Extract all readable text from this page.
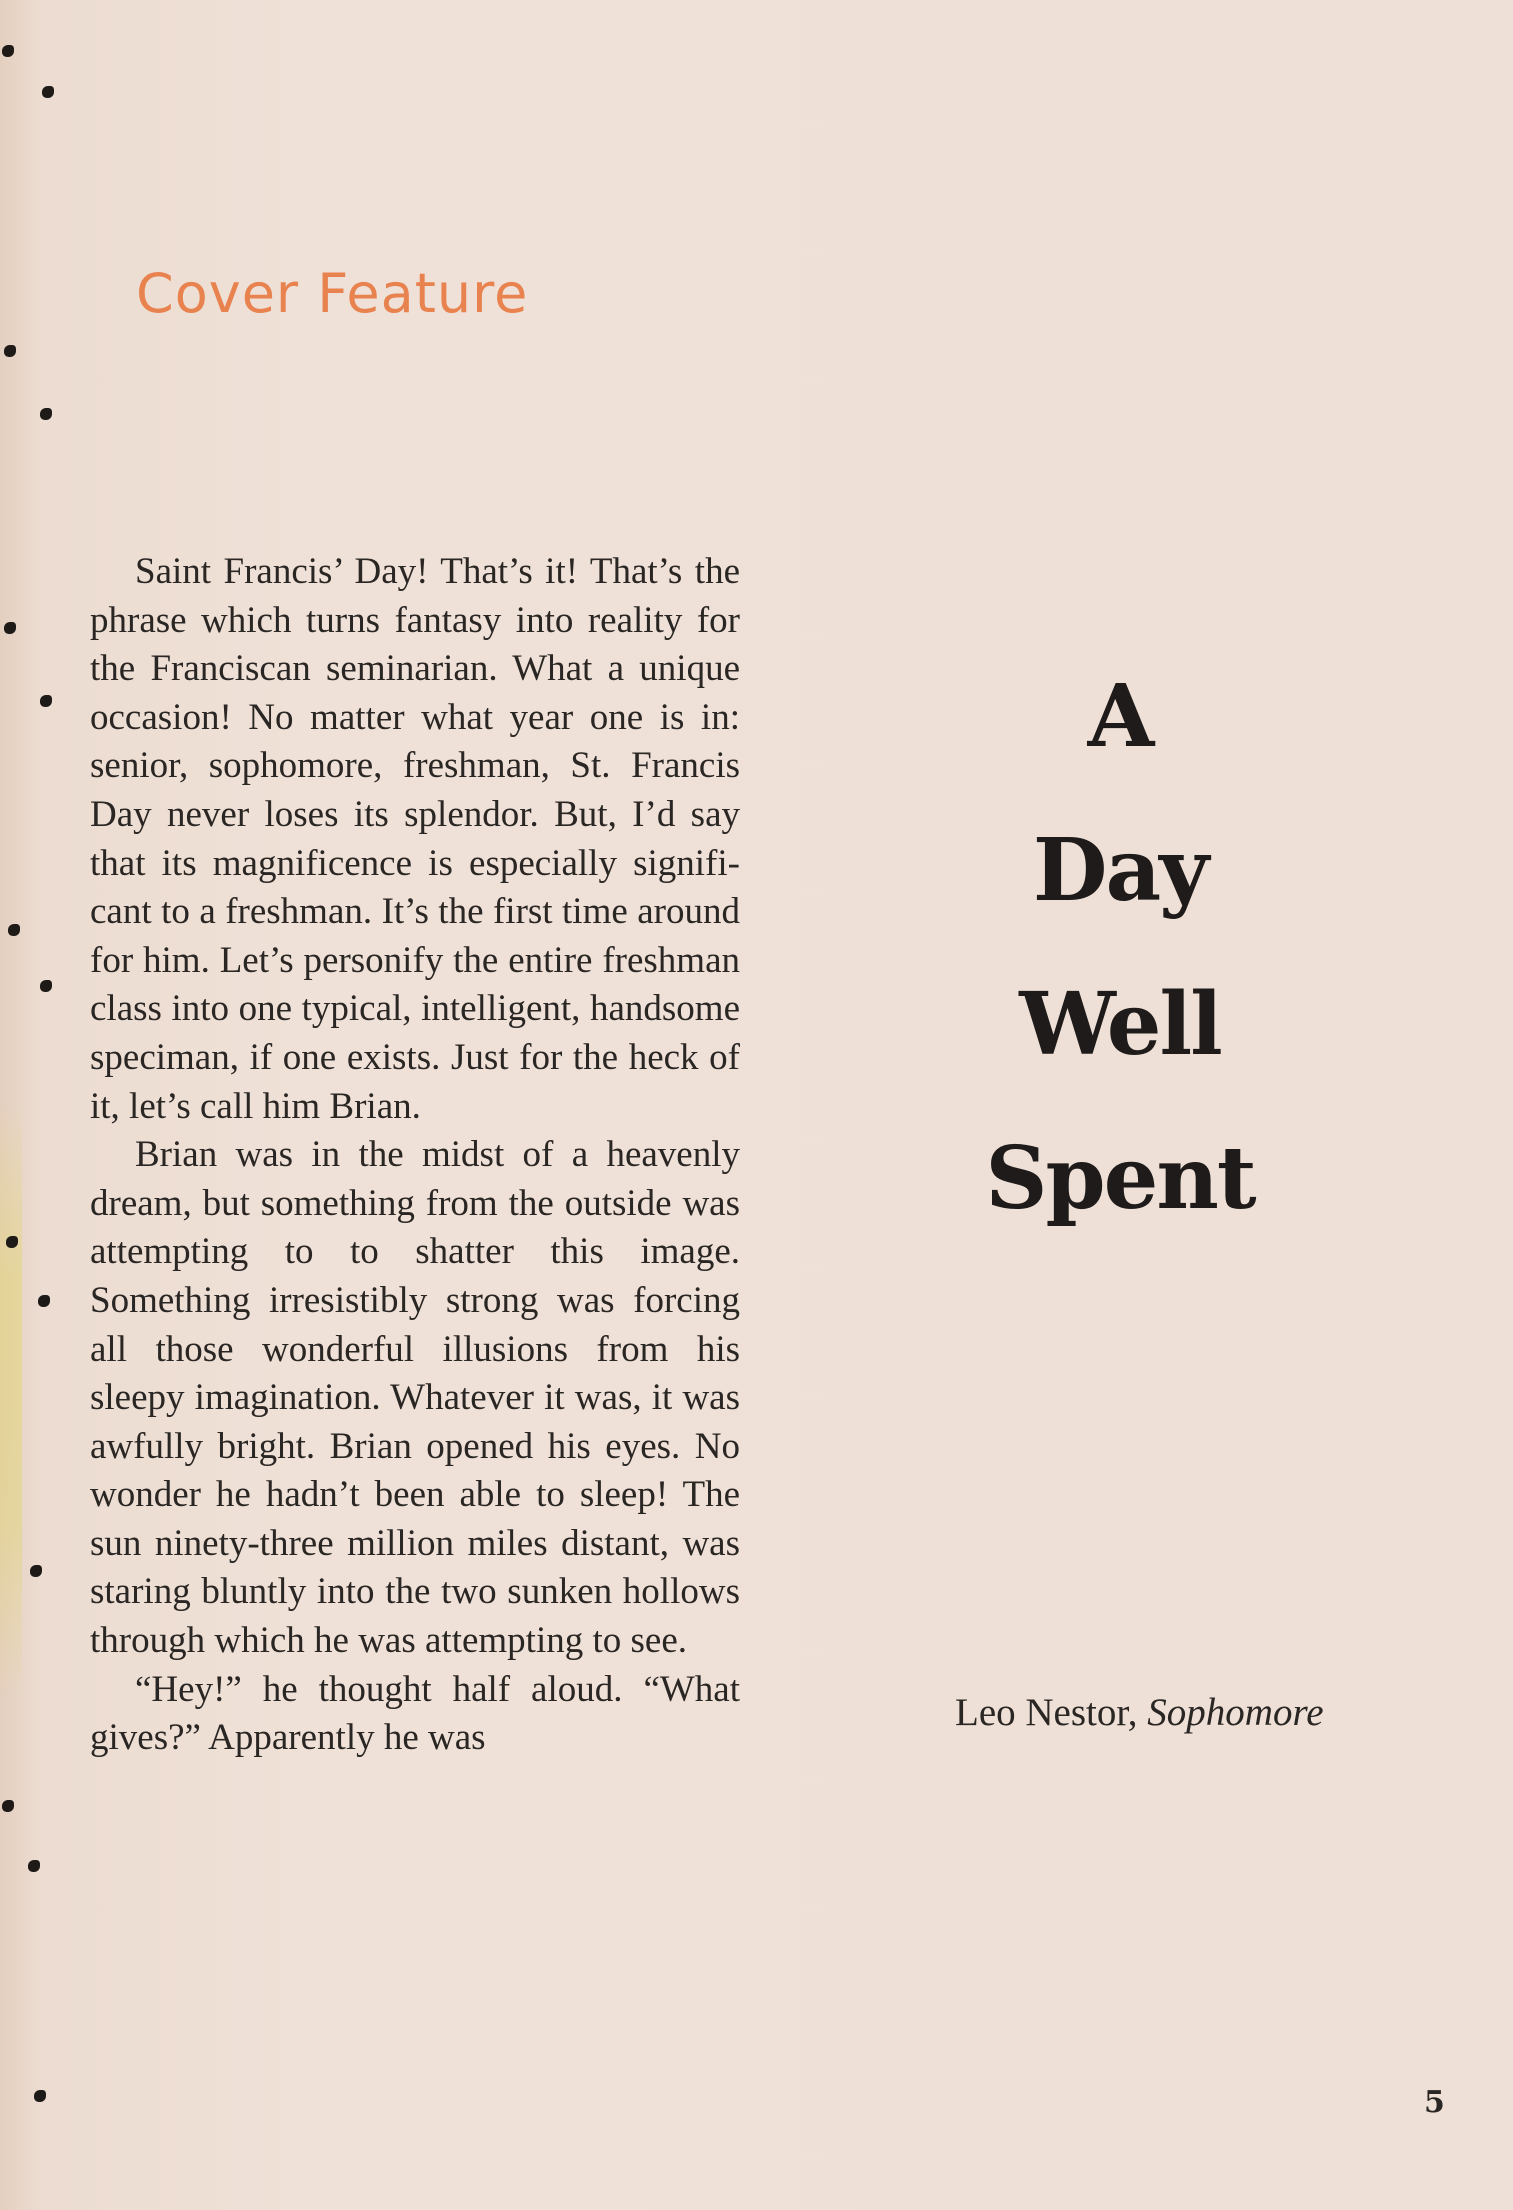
Cover Feature

Saint Francis’ Day! That’s it! That’s the phrase which turns fantasy into reality for the Franciscan seminarian. What a unique occasion! No matter what year one is in: senior, sophomore, freshman, St. Francis Day never loses its splendor. But, I’d say that its magnificence is especially significant to a freshman. It’s the first time around for him. Let’s personify the entire freshman class into one typical, intelligent, handsome speciman, if one exists. Just for the heck of it, let’s call him Brian.

Brian was in the midst of a heavenly dream, but something from the outside was attempting to to shatter this image. Something irresistibly strong was forcing all those wonderful illusions from his sleepy imagination. Whatever it was, it was awfully bright. Brian opened his eyes. No wonder he hadn’t been able to sleep! The sun ninety-three million miles distant, was staring bluntly into the two sunken hollows through which he was attempting to see.

“Hey!” he thought half aloud. “What gives?” Apparently he was

A
Day
Well
Spent

Leo Nestor, Sophomore

5
